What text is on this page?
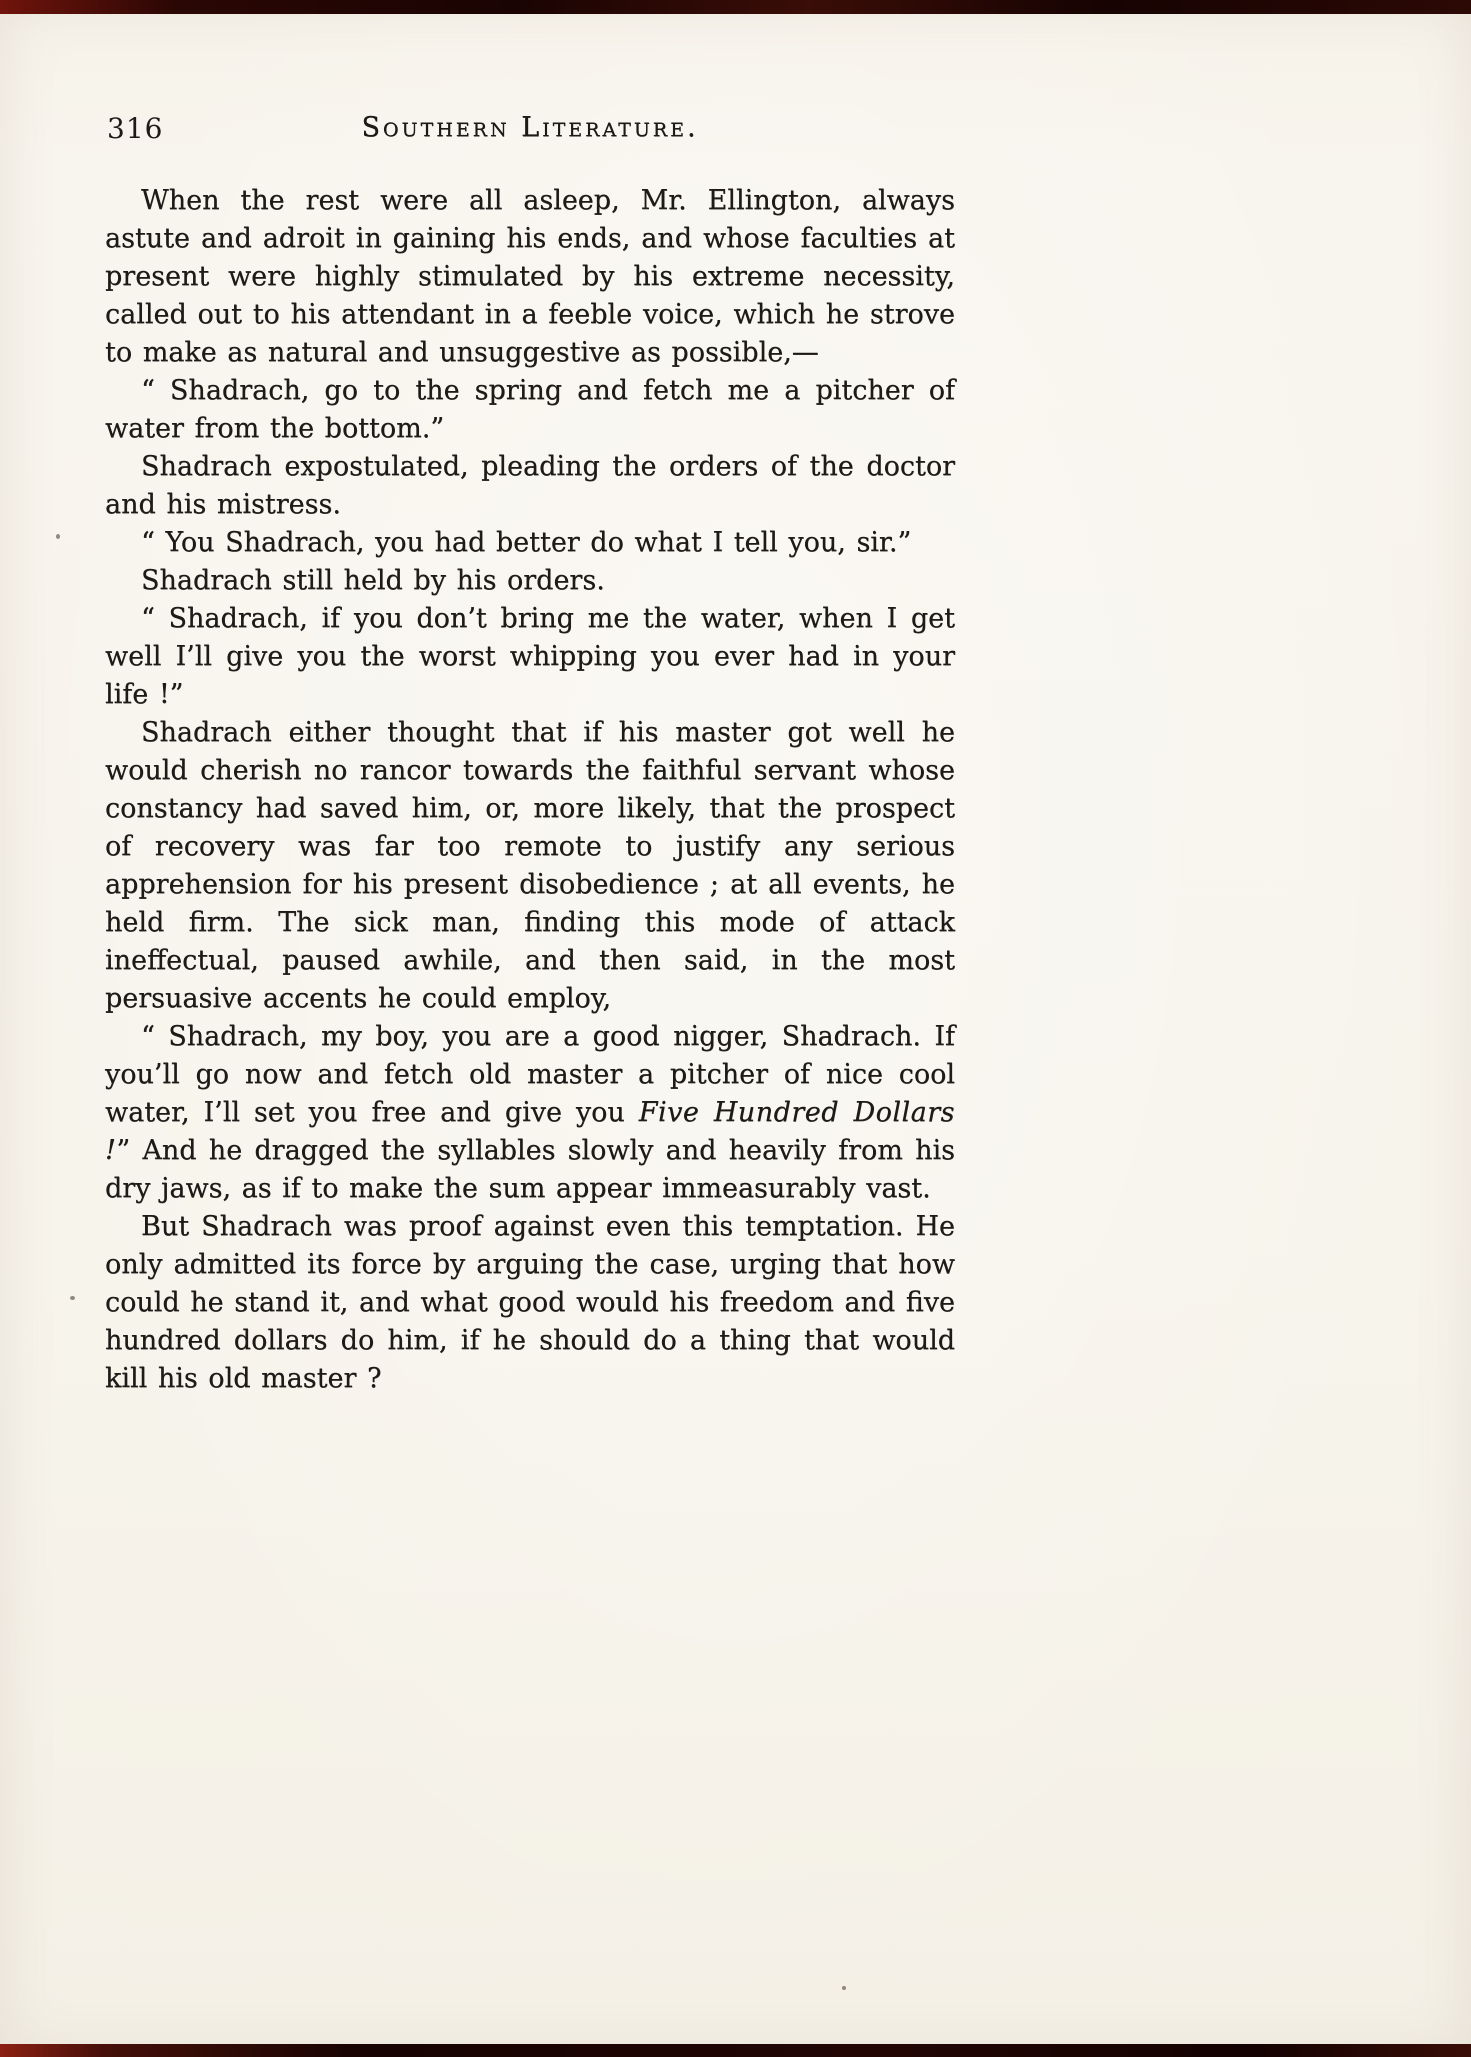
316	Southern Literature.

When the rest were all asleep, Mr. Ellington, always astute and adroit in gaining his ends, and whose faculties at present were highly stimulated by his extreme necessity, called out to his attendant in a feeble voice, which he strove to make as natural and unsuggestive as possible,—

“ Shadrach, go to the spring and fetch me a pitcher of water from the bottom.”

Shadrach expostulated, pleading the orders of the doctor and his mistress.

“ You Shadrach, you had better do what I tell you, sir.”

Shadrach still held by his orders.

“ Shadrach, if you don’t bring me the water, when I get well I’ll give you the worst whipping you ever had in your life !”

Shadrach either thought that if his master got well he would cherish no rancor towards the faithful servant whose constancy had saved him, or, more likely, that the prospect of recovery was far too remote to justify any serious apprehension for his present disobedience ; at all events, he held firm. The sick man, finding this mode of attack ineffectual, paused awhile, and then said, in the most persuasive accents he could employ,

“ Shadrach, my boy, you are a good nigger, Shadrach. If you’ll go now and fetch old master a pitcher of nice cool water, I’ll set you free and give you Five Hundred Dollars !” And he dragged the syllables slowly and heavily from his dry jaws, as if to make the sum appear immeasurably vast.

But Shadrach was proof against even this temptation. He only admitted its force by arguing the case, urging that how could he stand it, and what good would his freedom and five hundred dollars do him, if he should do a thing that would kill his old master ?
